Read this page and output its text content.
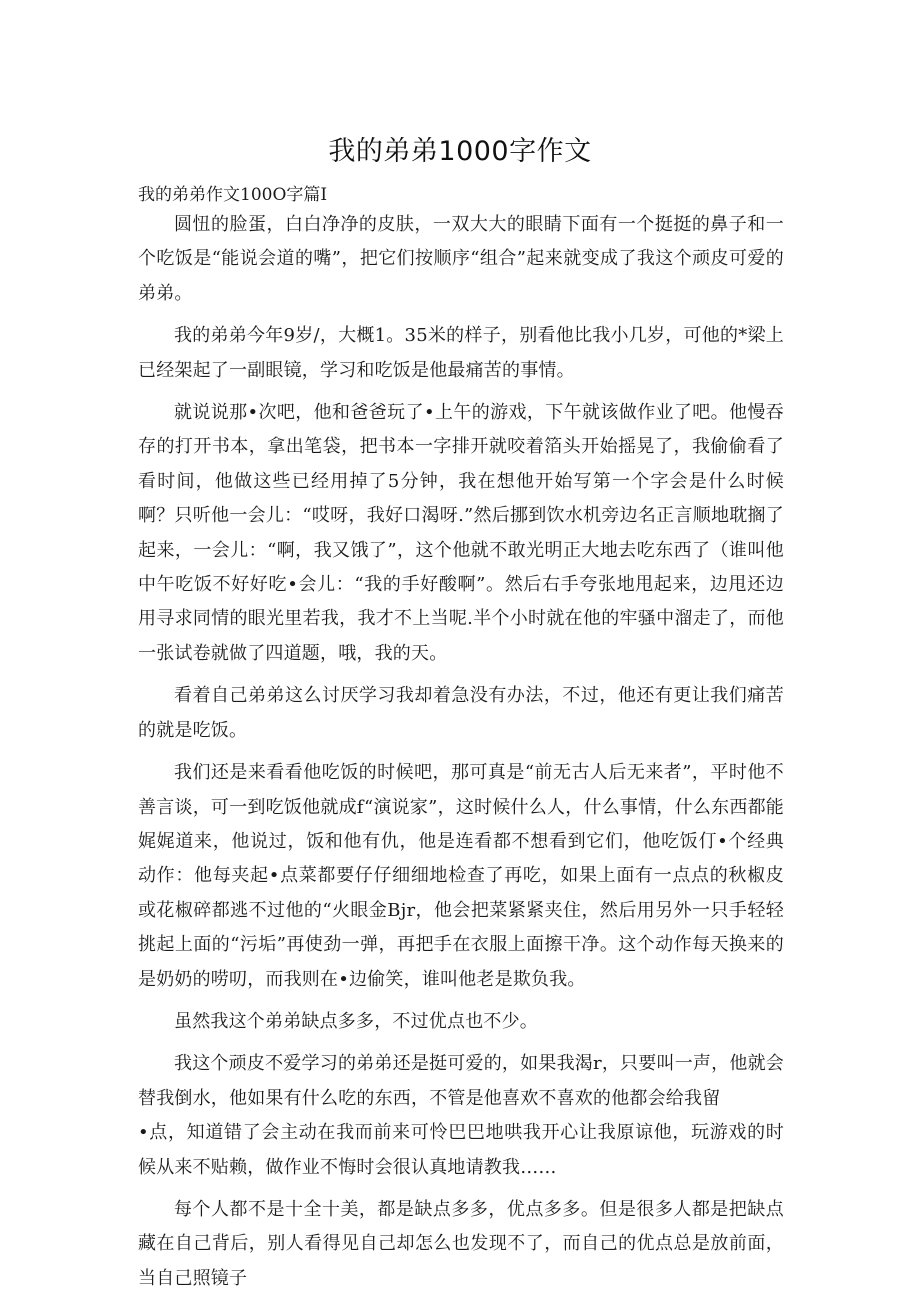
我的弟弟1000字作文

我的弟弟作文100O字篇I

圆忸的脸蛋，白白净净的皮肤，一双大大的眼睛下面有一个挺挺的鼻子和一个吃饭是“能说会道的嘴”，把它们按顺序“组合”起来就变成了我这个顽皮可爱的弟弟。

我的弟弟今年9岁/，大概1。35米的样子，别看他比我小几岁，可他的*梁上已经架起了一副眼镜，学习和吃饭是他最痛苦的事情。

就说说那•次吧，他和爸爸玩了•上午的游戏，下午就该做作业了吧。他慢吞存的打开书本，拿出笔袋，把书本一字排开就咬着箔头开始摇晃了，我偷偷看了看时间，他做这些已经用掉了5分钟，我在想他开始写第一个字会是什么时候啊？只听他一会儿：“哎呀，我好口渴呀.”然后挪到饮水机旁边名正言顺地耽搁了起来，一会儿：“啊，我又饿了”，这个他就不敢光明正大地去吃东西了（谁叫他中午吃饭不好好吃•会儿：“我的手好酸啊”。然后右手夸张地甩起来，边甩还边用寻求同情的眼光里若我，我才不上当呢.半个小时就在他的牢骚中溜走了，而他一张试卷就做了四道题，哦，我的天。

看着自己弟弟这么讨厌学习我却着急没有办法，不过，他还有更让我们痛苦的就是吃饭。

我们还是来看看他吃饭的时候吧，那可真是“前无古人后无来者”，平时他不善言谈，可一到吃饭他就成f“演说家”，这时候什么人，什么事情，什么东西都能娓娓道来，他说过，饭和他有仇，他是连看都不想看到它们，他吃饭仃•个经典动作：他每夹起•点菜都要仔仔细细地检查了再吃，如果上面有一点点的秋椒皮或花椒碎都逃不过他的“火眼金Bjr，他会把菜紧紧夹住，然后用另外一只手轻轻挑起上面的“污垢”再使劲一弹，再把手在衣服上面擦干净。这个动作每天换来的是奶奶的唠叨，而我则在•边偷笑，谁叫他老是欺负我。

虽然我这个弟弟缺点多多，不过优点也不少。

我这个顽皮不爱学习的弟弟还是挺可爱的，如果我渴r，只要叫一声，他就会替我倒水，他如果有什么吃的东西，不管是他喜欢不喜欢的他都会给我留

•点，知道错了会主动在我而前来可怜巴巴地哄我开心让我原谅他，玩游戏的时候从来不贴赖，做作业不悔时会很认真地请教我……

每个人都不是十全十美，都是缺点多多，优点多多。但是很多人都是把缺点藏在自己背后，别人看得见自己却怎么也发现不了，而自己的优点总是放前面，当自己照镜子
